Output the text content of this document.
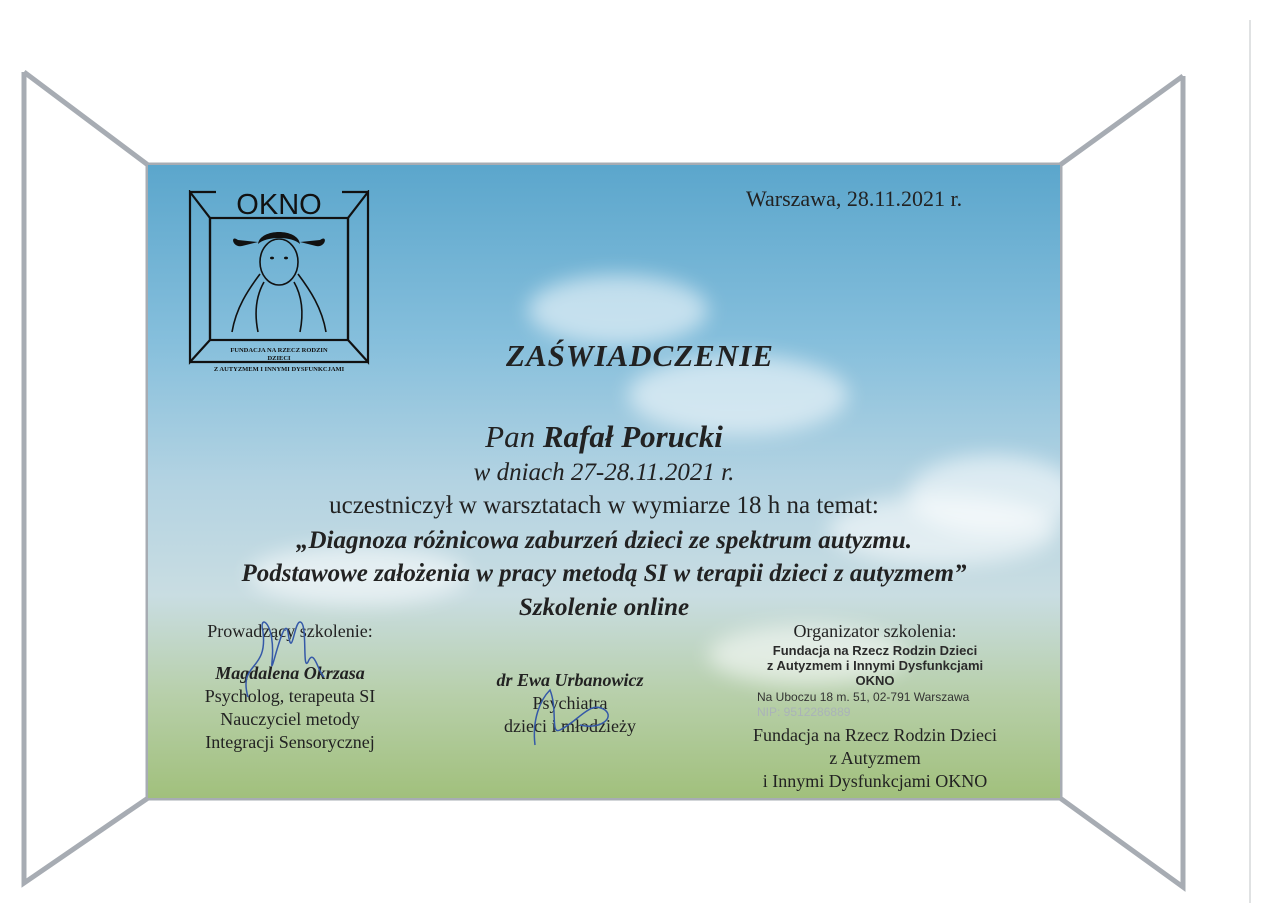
OKNO
FUNDACJA NA RZECZ RODZIN
DZIECI
Z AUTYZMEM I INNYMI DYSFUNKCJAMI
Warszawa, 28.11.2021 r.
ZAŚWIADCZENIE
Pan Rafał Porucki
w dniach 27-28.11.2021 r.
uczestniczył w warsztatach w wymiarze 18 h na temat:
„Diagnoza różnicowa zaburzeń dzieci ze spektrum autyzmu.
Podstawowe założenia w pracy metodą SI w terapii dzieci z autyzmem”
Szkolenie online
Prowadzący szkolenie:
Magdalena Okrzasa
Psycholog, terapeuta SI
Nauczyciel metody
Integracji Sensorycznej
dr Ewa Urbanowicz
Psychiatra
dzieci i młodzieży
Organizator szkolenia:
Fundacja na Rzecz Rodzin Dzieci
z Autyzmem i Innymi Dysfunkcjami
OKNO
Na Uboczu 18 m. 51, 02-791 Warszawa
NIP: 9512286889
Fundacja na Rzecz Rodzin Dzieci
z Autyzmem
i Innymi Dysfunkcjami OKNO
